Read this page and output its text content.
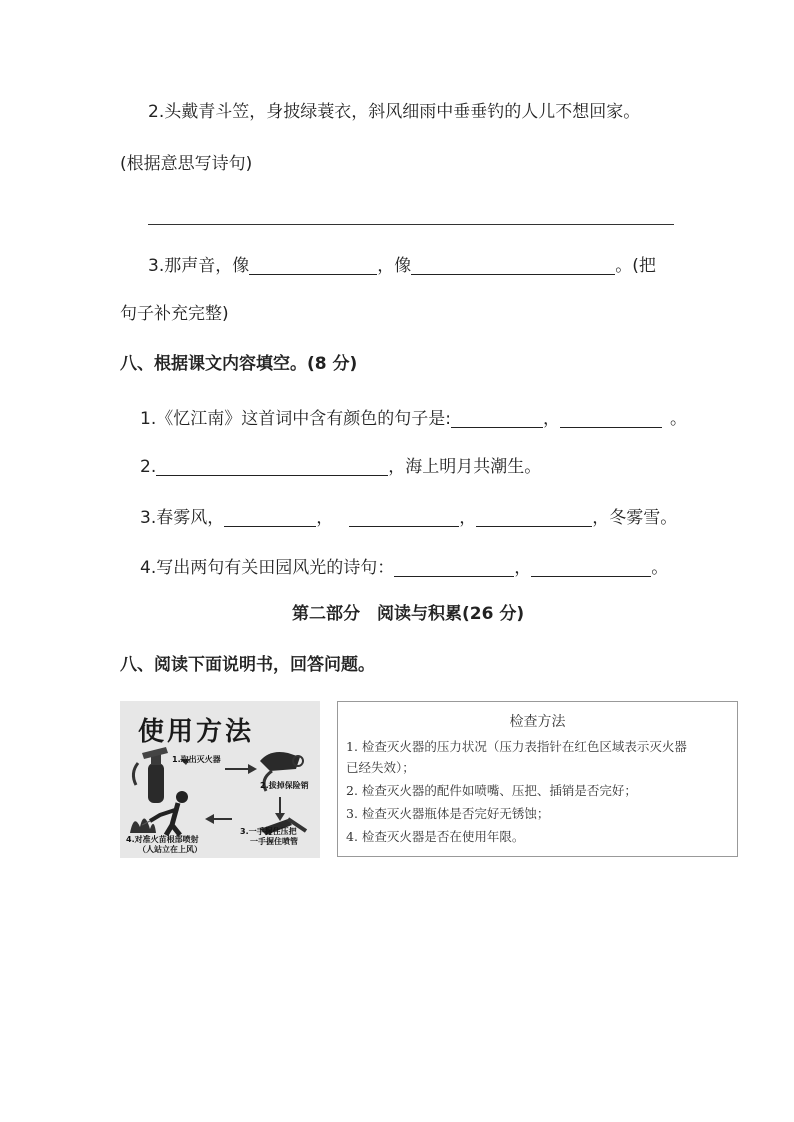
2.头戴青斗笠，身披绿蓑衣，斜风细雨中垂垂钓的人儿不想回家。
(根据意思写诗句)
3.那声音，像	，像	。(把
句子补充完整)
八、根据课文内容填空。(8 分)
1.《忆江南》这首词中含有颜色的句子是:	，	。
2.	，海上明月共潮生。
3.春雾风，	，	，	，冬雾雪。
4.写出两句有关田园风光的诗句：	，	。
第二部分　阅读与积累(26 分)
八、阅读下面说明书，回答问题。
使用方法
1.取出灭火器
2.拔掉保险销
3.一手握住压把
一手握住喷管
4.对准火苗根部喷射
（人站立在上风）
检查方法
1. 检查灭火器的压力状况（压力表指针在红色区域表示灭火器
已经失效）；
2. 检查灭火器的配件如喷嘴、压把、插销是否完好；
3. 检查灭火器瓶体是否完好无锈蚀；
4. 检查灭火器是否在使用年限。
